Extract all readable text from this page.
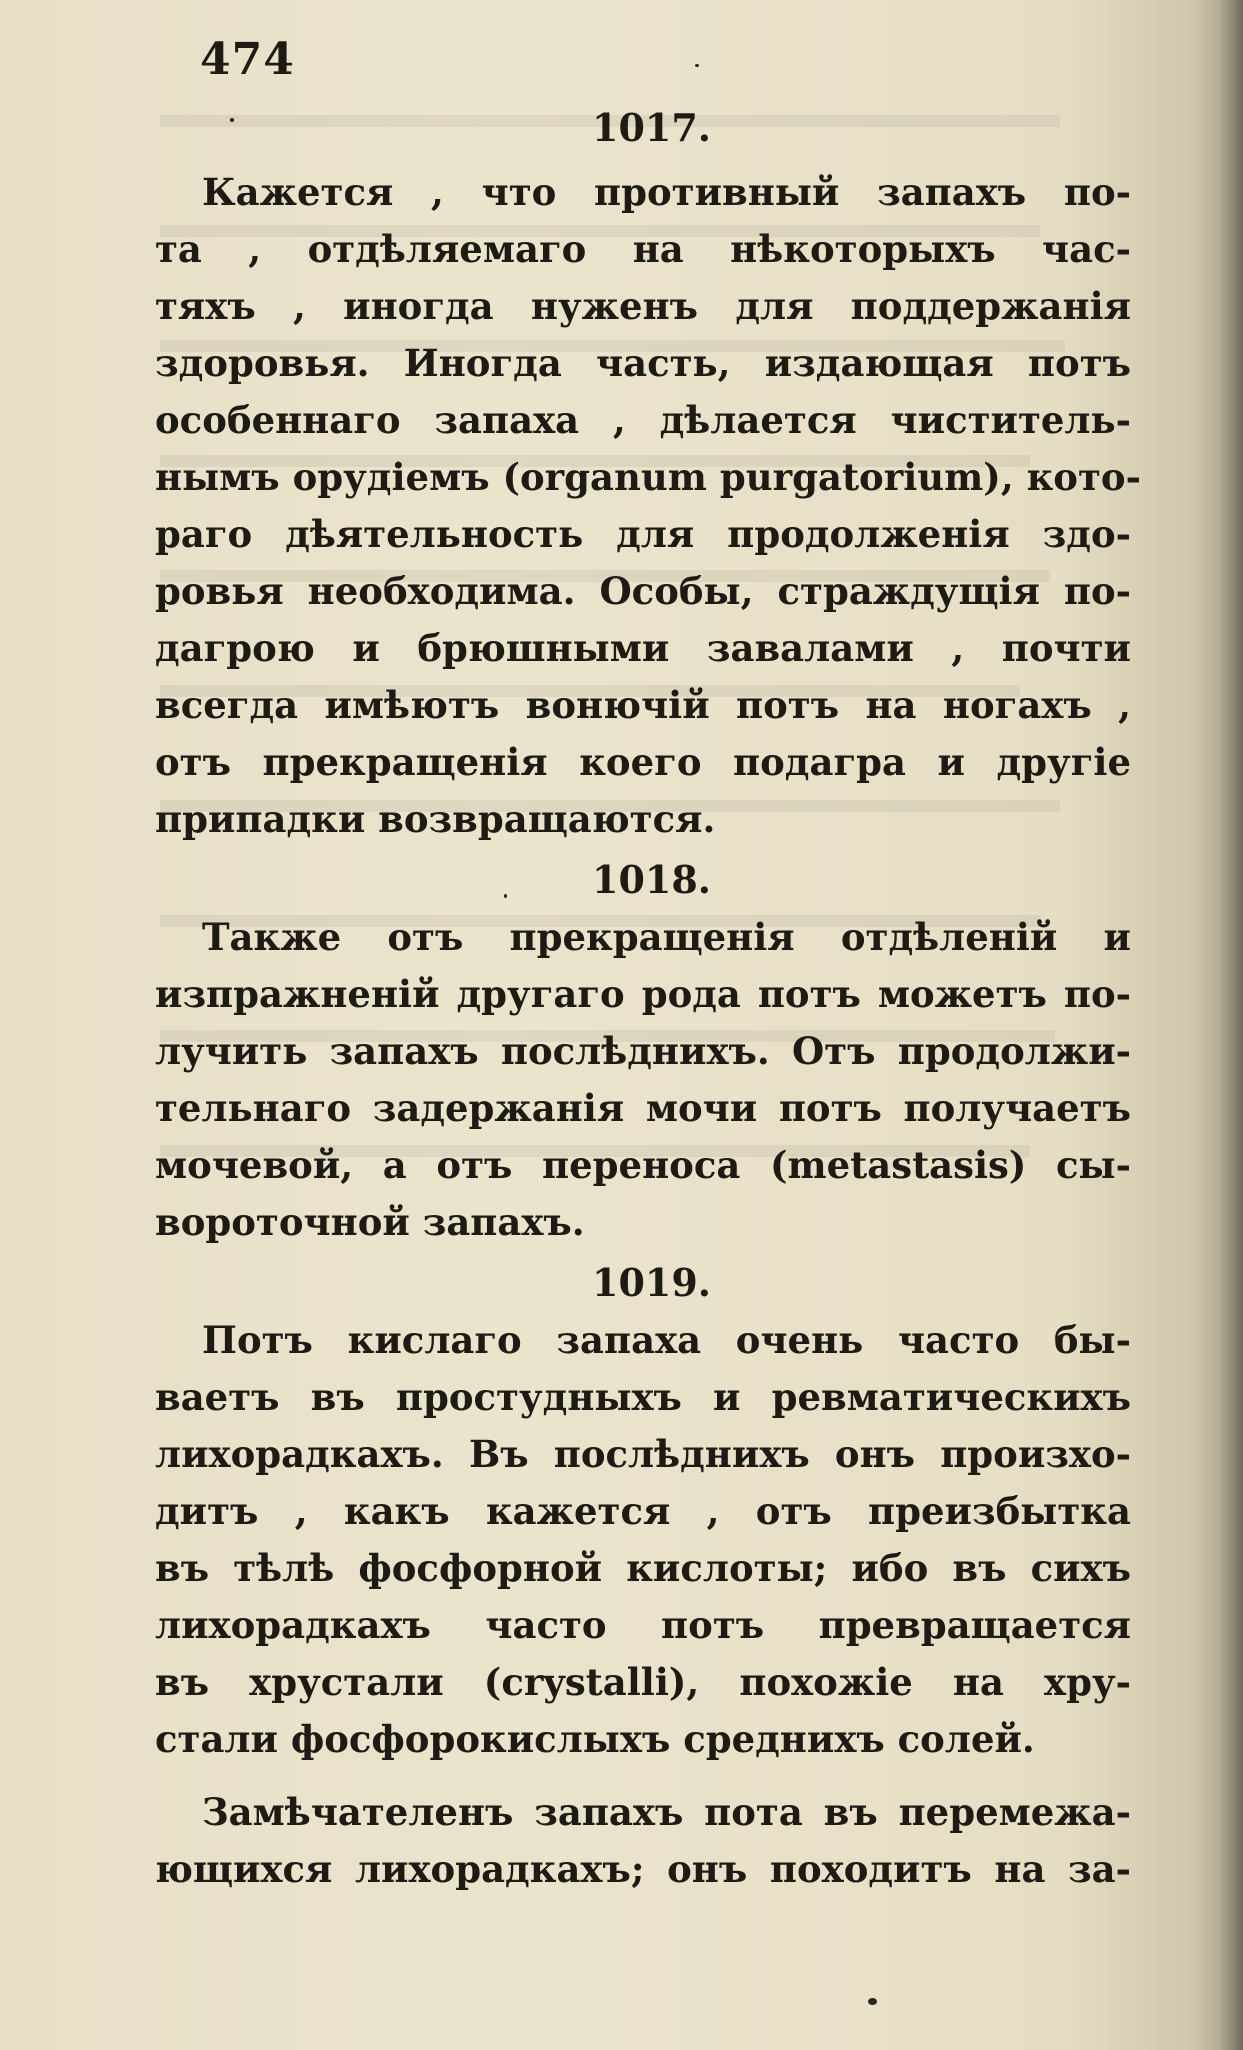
474
1017.
Кажется , что противный запахъ по-
та , отдѣляемаго на нѣкоторыхъ час-
тяхъ , иногда нуженъ для поддержанія
здоровья. Иногда часть, издающая потъ
особеннаго запаха , дѣлается чиститель-
нымъ орудіемъ (organum purgatorium), кото-
раго дѣятельность для продолженія здо-
ровья необходима. Особы, страждущія по-
дагрою и брюшными завалами , почти
всегда имѣютъ вонючій потъ на ногахъ ,
отъ прекращенія коего подагра и другіе
припадки возвращаются.
1018.
Также отъ прекращенія отдѣленій и
изпражненій другаго рода потъ можетъ по-
лучить запахъ послѣднихъ. Отъ продолжи-
тельнаго задержанія мочи потъ получаетъ
мочевой, а отъ переноса (metastasis) сы-
вороточной запахъ.
1019.
Потъ кислаго запаха очень часто бы-
ваетъ въ простудныхъ и ревматическихъ
лихорадкахъ. Въ послѣднихъ онъ произхо-
дитъ , какъ кажется , отъ преизбытка
въ тѣлѣ фосфорной кислоты; ибо въ сихъ
лихорадкахъ часто потъ превращается
въ хрустали (crystalli), похожіе на хру-
стали фосфорокислыхъ среднихъ солей.
Замѣчателенъ запахъ пота въ перемежа-
ющихся лихорадкахъ; онъ походитъ на за-
